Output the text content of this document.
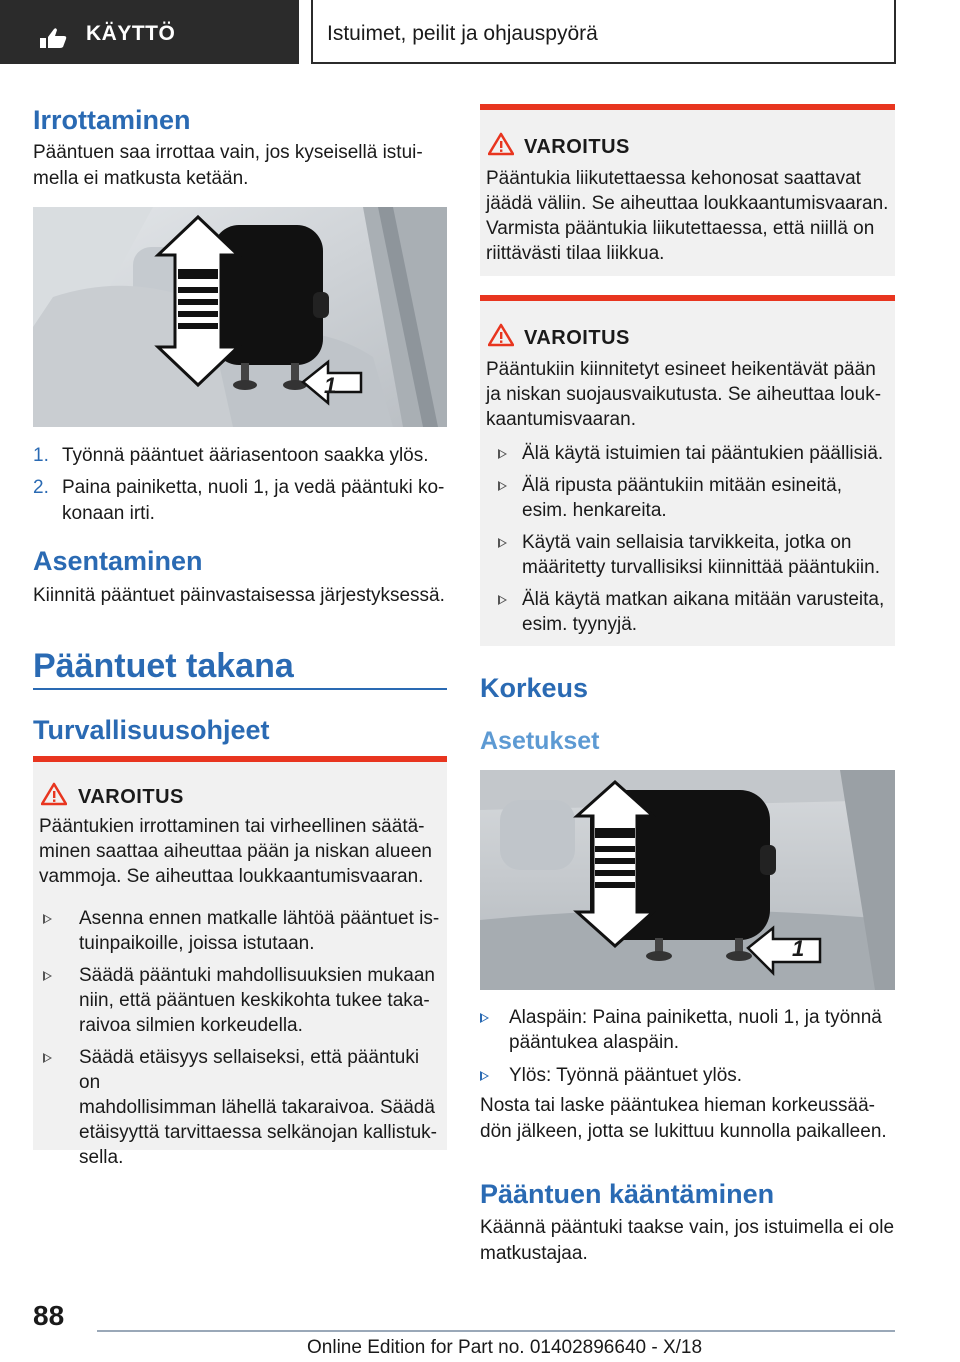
KÄYTTÖ	Istuimet, peilit ja ohjauspyörä
Irrottaminen
Pääntuen saa irrottaa vain, jos kyseisellä istui-
mella ei matkusta ketään.
1
1. Työnnä pääntuet ääriasentoon saakka ylös.
2. Paina painiketta, nuoli 1, ja vedä pääntuki ko-
konaan irti.
Asentaminen
Kiinnitä pääntuet päinvastaisessa järjestyksessä.
Pääntuet takana
Turvallisuusohjeet
VAROITUS
Pääntukien irrottaminen tai virheellinen säätä-
minen saattaa aiheuttaa pään ja niskan alueen
vammoja. Se aiheuttaa loukkaantumisvaaran.
Asenna ennen matkalle lähtöä pääntuet is-
tuinpaikoille, joissa istutaan.
Säädä pääntuki mahdollisuuksien mukaan
niin, että pääntuen keskikohta tukee taka-
raivoa silmien korkeudella.
Säädä etäisyys sellaiseksi, että pääntuki on
mahdollisimman lähellä takaraivoa. Säädä
etäisyyttä tarvittaessa selkänojan kallistuk-
sella.
VAROITUS
Pääntukia liikutettaessa kehonosat saattavat
jäädä väliin. Se aiheuttaa loukkaantumisvaaran.
Varmista pääntukia liikutettaessa, että niillä on
riittävästi tilaa liikkua.
VAROITUS
Pääntukiin kiinnitetyt esineet heikentävät pään
ja niskan suojausvaikutusta. Se aiheuttaa louk-
kaantumisvaaran.
Älä käytä istuimien tai pääntukien päällisiä.
Älä ripusta pääntukiin mitään esineitä,
esim. henkareita.
Käytä vain sellaisia tarvikkeita, jotka on
määritetty turvallisiksi kiinnittää pääntukiin.
Älä käytä matkan aikana mitään varusteita,
esim. tyynyjä.
Korkeus
Asetukset
1
Alaspäin: Paina painiketta, nuoli 1, ja työnnä
pääntukea alaspäin.
Ylös: Työnnä pääntuet ylös.
Nosta tai laske pääntukea hieman korkeussää-
dön jälkeen, jotta se lukittuu kunnolla paikalleen.
Pääntuen kääntäminen
Käännä pääntuki taakse vain, jos istuimella ei ole
matkustajaa.
88
Online Edition for Part no. 01402896640 - X/18
